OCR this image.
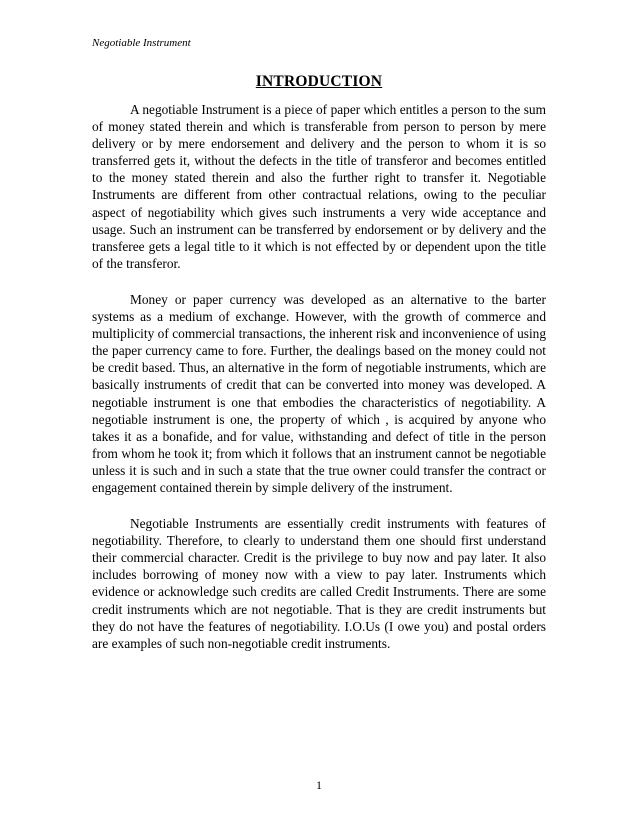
Negotiable Instrument
INTRODUCTION

A negotiable Instrument is a piece of paper which entitles a person to the sum of money stated therein and which is transferable from person to person by mere delivery or by mere endorsement and delivery and the person to whom it is so transferred gets it, without the defects in the title of transferor and becomes entitled to the money stated therein and also the further right to transfer it. Negotiable Instruments are different from other contractual relations, owing to the peculiar aspect of negotiability which gives such instruments a very wide acceptance and usage. Such an instrument can be transferred by endorsement or by delivery and the transferee gets a legal title to it which is not effected by or dependent upon the title of the transferor.

Money or paper currency was developed as an alternative to the barter systems as a medium of exchange. However, with the growth of commerce and multiplicity of commercial transactions, the inherent risk and inconvenience of using the paper currency came to fore. Further, the dealings based on the money could not be credit based. Thus, an alternative in the form of negotiable instruments, which are basically instruments of credit that can be converted into money was developed. A negotiable instrument is one that embodies the characteristics of negotiability. A negotiable instrument is one, the property of which , is acquired by anyone who takes it as a bonafide, and for value, withstanding and defect of title in the person from whom he took it; from which it follows that an instrument cannot be negotiable unless it is such and in such a state that the true owner could transfer the contract or engagement contained therein by simple delivery of the instrument.

Negotiable Instruments are essentially credit instruments with features of negotiability. Therefore, to clearly to understand them one should first understand their commercial character. Credit is the privilege to buy now and pay later. It also includes borrowing of money now with a view to pay later. Instruments which evidence or acknowledge such credits are called Credit Instruments. There are some credit instruments which are not negotiable. That is they are credit instruments but they do not have the features of negotiability. I.O.Us (I owe you) and postal orders are examples of such non-negotiable credit instruments.

1
